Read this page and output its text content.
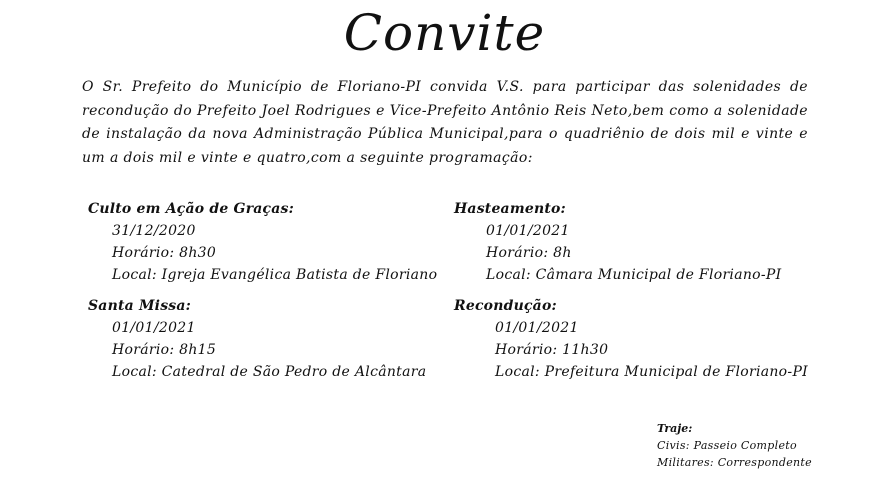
Convite
O Sr. Prefeito do Município de Floriano-PI convida V.S. para participar das solenidades de recondução do Prefeito Joel Rodrigues e Vice-Prefeito Antônio Reis Neto,bem como a solenidade de instalação da nova Administração Pública Municipal,para o quadriênio de dois mil e vinte e um a dois mil e vinte e quatro,com a seguinte programação:
Culto em Ação de Graças:
31/12/2020
Horário: 8h30
Local: Igreja Evangélica Batista de Floriano
Hasteamento:
01/01/2021
Horário: 8h
Local: Câmara Municipal de Floriano-PI
Santa Missa:
01/01/2021
Horário: 8h15
Local: Catedral de São Pedro de Alcântara
Recondução:
01/01/2021
Horário: 11h30
Local: Prefeitura Municipal de Floriano-PI
Traje:
Civis: Passeio Completo
Militares: Correspondente
